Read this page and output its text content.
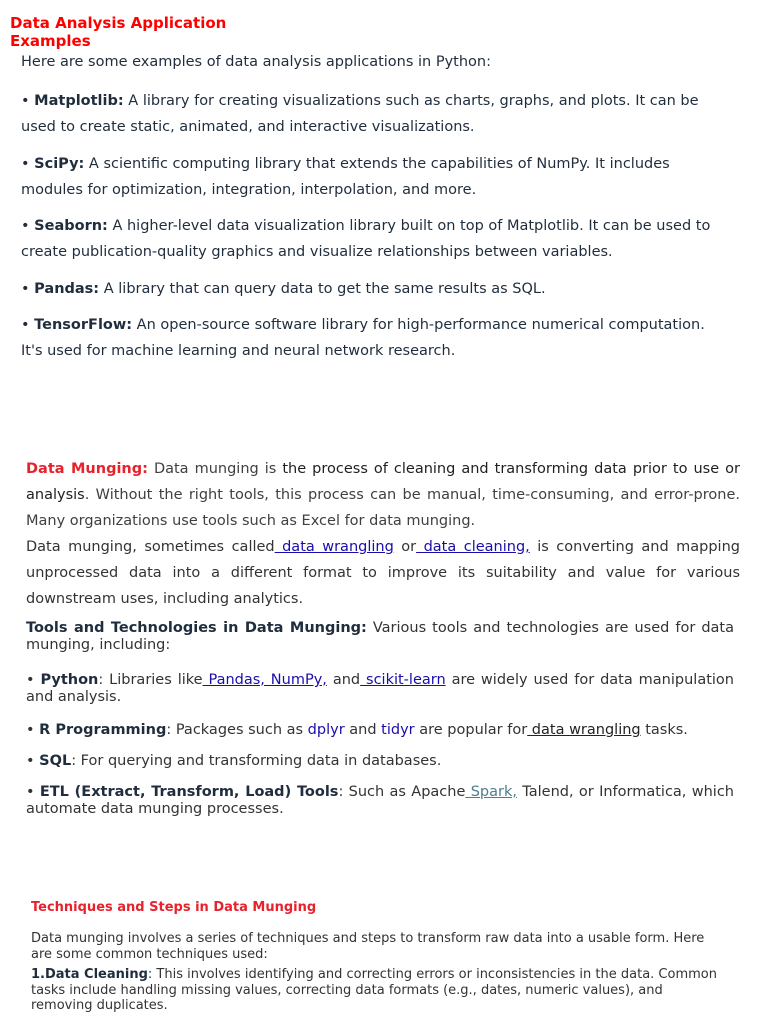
Data Analysis Application Examples

Here are some examples of data analysis applications in Python:

• Matplotlib: A library for creating visualizations such as charts, graphs, and plots. It can be used to create static, animated, and interactive visualizations.

• SciPy: A scientific computing library that extends the capabilities of NumPy. It includes modules for optimization, integration, interpolation, and more.

• Seaborn: A higher-level data visualization library built on top of Matplotlib. It can be used to create publication-quality graphics and visualize relationships between variables.

• Pandas: A library that can query data to get the same results as SQL.

• TensorFlow: An open-source software library for high-performance numerical computation. It's used for machine learning and neural network research.

Data Munging: Data munging is the process of cleaning and transforming data prior to use or analysis. Without the right tools, this process can be manual, time-consuming, and error-prone. Many organizations use tools such as Excel for data munging.
Data munging, sometimes called data wrangling or data cleaning, is converting and mapping unprocessed data into a different format to improve its suitability and value for various downstream uses, including analytics.
Tools and Technologies in Data Munging: Various tools and technologies are used for data munging, including:
• Python: Libraries like Pandas, NumPy, and scikit-learn are widely used for data manipulation and analysis.
• R Programming: Packages such as dplyr and tidyr are popular for data wrangling tasks.
• SQL: For querying and transforming data in databases.
• ETL (Extract, Transform, Load) Tools: Such as Apache Spark, Talend, or Informatica, which automate data munging processes.
Techniques and Steps in Data Munging
Data munging involves a series of techniques and steps to transform raw data into a usable form. Here are some common techniques used:
1.Data Cleaning: This involves identifying and correcting errors or inconsistencies in the data. Common tasks include handling missing values, correcting data formats (e.g., dates, numeric values), and removing duplicates.
